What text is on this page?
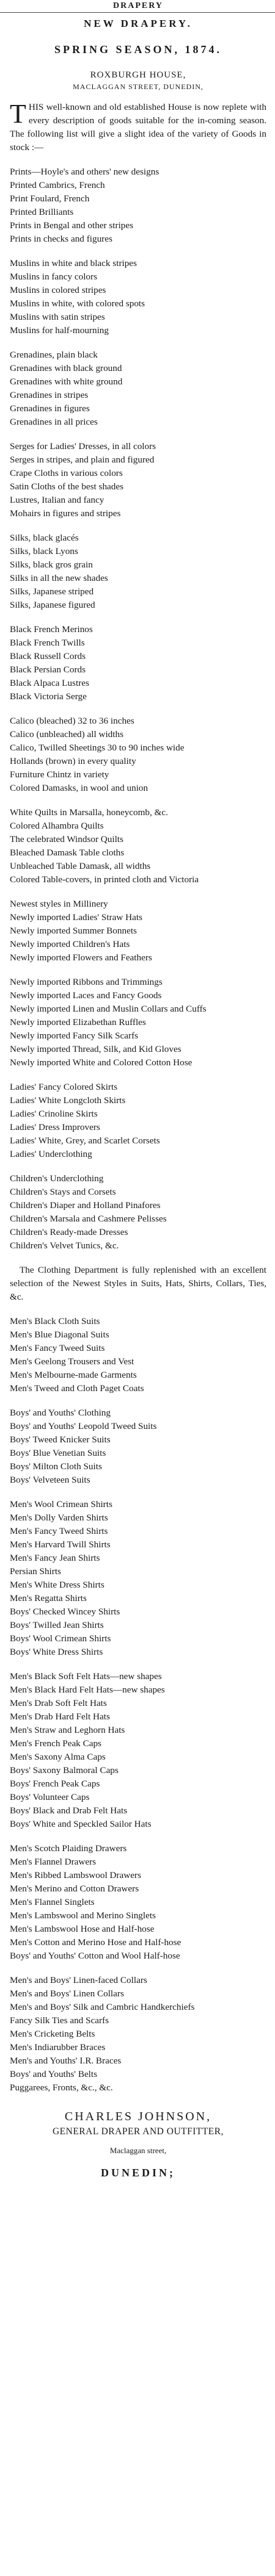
DRAPERY
NEW DRAPERY.
SPRING SEASON, 1874.
ROXBURGH HOUSE,
MACLAGGAN STREET, DUNEDIN,
THIS well-known and old established House is now replete with every description of goods suitable for the in-coming season. The following list will give a slight idea of the variety of Goods in stock :—
Prints—Hoyle's and others' new designs
Printed Cambrics, French
Print Foulard, French
Printed Brilliants
Prints in Bengal and other stripes
Prints in checks and figures
Muslins in white and black stripes
Muslins in fancy colors
Muslins in colored stripes
Muslins in white, with colored spots
Muslins with satin stripes
Muslins for half-mourning
Grenadines, plain black
Grenadines with black ground
Grenadines with white ground
Grenadines in stripes
Grenadines in figures
Grenadines in all prices
Serges for Ladies' Dresses, in all colors
Serges in stripes, and plain and figured
Crape Cloths in various colors
Satin Cloths of the best shades
Lustres, Italian and fancy
Mohairs in figures and stripes
Silks, black glacés
Silks, black Lyons
Silks, black gros grain
Silks in all the new shades
Silks, Japanese striped
Silks, Japanese figured
Black French Merinos
Black French Twills
Black Russell Cords
Black Persian Cords
Black Alpaca Lustres
Black Victoria Serge
Calico (bleached) 32 to 36 inches
Calico (unbleached) all widths
Calico, Twilled Sheetings 30 to 90 inches wide
Hollands (brown) in every quality
Furniture Chintz in variety
Colored Damasks, in wool and union
White Quilts in Marsalla, honeycomb, &c.
Colored Alhambra Quilts
The celebrated Windsor Quilts
Bleached Damask Table cloths
Unbleached Table Damask, all widths
Colored Table-covers, in printed cloth and Victoria
Newest styles in Millinery
Newly imported Ladies' Straw Hats
Newly imported Summer Bonnets
Newly imported Children's Hats
Newly imported Flowers and Feathers
Newly imported Ribbons and Trimmings
Newly imported Laces and Fancy Goods
Newly imported Linen and Muslin Collars and Cuffs
Newly imported Elizabethan Ruffles
Newly imported Fancy Silk Scarfs
Newly imported Thread, Silk, and Kid Gloves
Newly imported White and Colored Cotton Hose
Ladies' Fancy Colored Skirts
Ladies' White Longcloth Skirts
Ladies' Crinoline Skirts
Ladies' Dress Improvers
Ladies' White, Grey, and Scarlet Corsets
Ladies' Underclothing
Children's Underclothing
Children's Stays and Corsets
Children's Diaper and Holland Pinafores
Children's Marsala and Cashmere Pelisses
Children's Ready-made Dresses
Children's Velvet Tunics, &c.
The Clothing Department is fully replenished with an excellent selection of the Newest Styles in Suits, Hats, Shirts, Collars, Ties, &c.
Men's Black Cloth Suits
Men's Blue Diagonal Suits
Men's Fancy Tweed Suits
Men's Geelong Trousers and Vest
Men's Melbourne-made Garments
Men's Tweed and Cloth Paget Coats
Boys' and Youths' Clothing
Boys' and Youths' Leopold Tweed Suits
Boys' Tweed Knicker Suits
Boys' Blue Venetian Suits
Boys' Milton Cloth Suits
Boys' Velveteen Suits
Men's Wool Crimean Shirts
Men's Dolly Varden Shirts
Men's Fancy Tweed Shirts
Men's Harvard Twill Shirts
Men's Fancy Jean Shirts
Persian Shirts
Men's White Dress Shirts
Men's Regatta Shirts
Boys' Checked Wincey Shirts
Boys' Twilled Jean Shirts
Boys' Wool Crimean Shirts
Boys' White Dress Shirts
Men's Black Soft Felt Hats—new shapes
Men's Black Hard Felt Hats—new shapes
Men's Drab Soft Felt Hats
Men's Drab Hard Felt Hats
Men's Straw and Leghorn Hats
Men's French Peak Caps
Men's Saxony Alma Caps
Boys' Saxony Balmoral Caps
Boys' French Peak Caps
Boys' Volunteer Caps
Boys' Black and Drab Felt Hats
Boys' White and Speckled Sailor Hats
Men's Scotch Plaiding Drawers
Men's Flannel Drawers
Men's Ribbed Lambswool Drawers
Men's Merino and Cotton Drawers
Men's Flannel Singlets
Men's Lambswool and Merino Singlets
Men's Lambswool Hose and Half-hose
Men's Cotton and Merino Hose and Half-hose
Boys' and Youths' Cotton and Wool Half-hose
Men's and Boys' Linen-faced Collars
Men's and Boys' Linen Collars
Men's and Boys' Silk and Cambric Handkerchiefs
Fancy Silk Ties and Scarfs
Men's Cricketing Belts
Men's Indiarubber Braces
Men's and Youths' I.R. Braces
Boys' and Youths' Belts
Puggarees, Fronts, &c., &c.
CHARLES JOHNSON,
GENERAL DRAPER AND OUTFITTER,
Maclaggan street,
DUNEDIN;
